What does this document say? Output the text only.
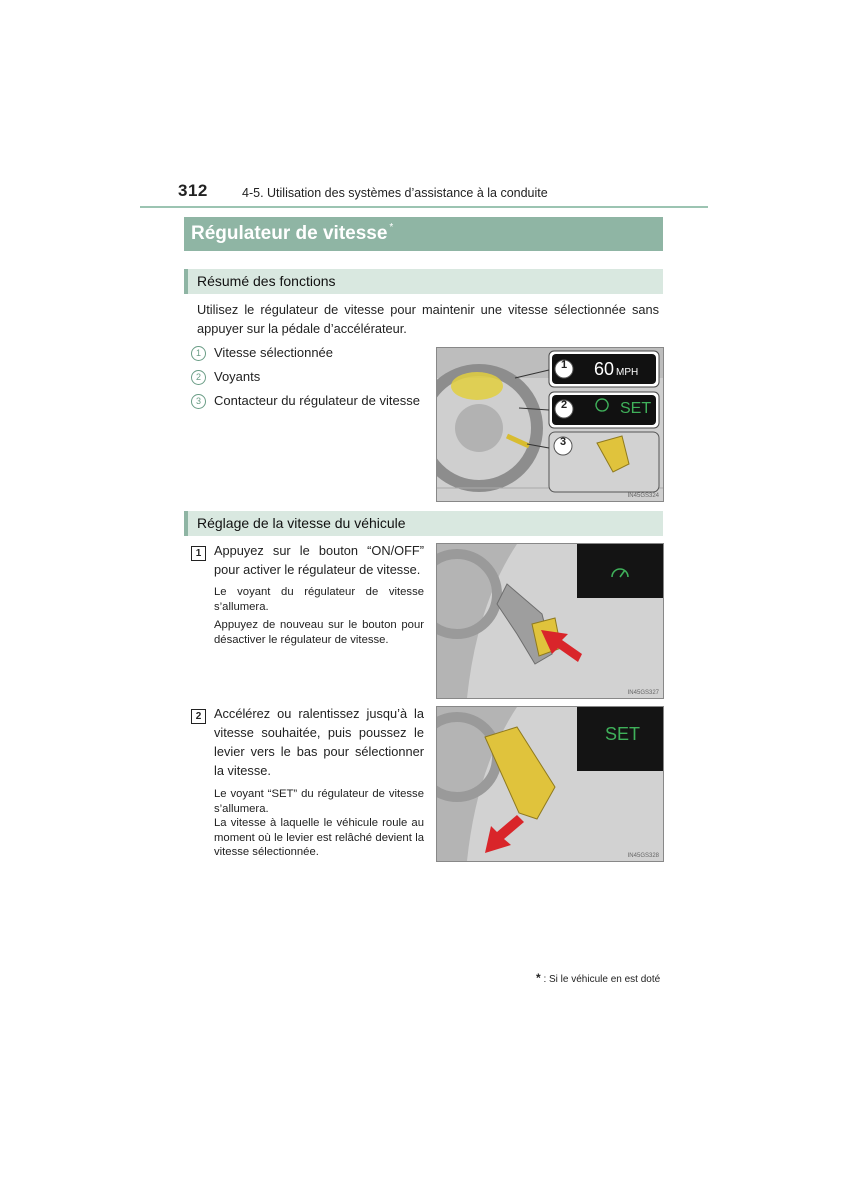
312	4-5. Utilisation des systèmes d’assistance à la conduite
Régulateur de vitesse *
Résumé des fonctions
Utilisez le régulateur de vitesse pour maintenir une vitesse sélectionnée sans appuyer sur la pédale d’accélérateur.
1 Vitesse sélectionnée
2 Voyants
3 Contacteur du régulateur de vitesse
1
2
3
60 MPH
SET
IN45GS324
Réglage de la vitesse du véhicule
1 Appuyez sur le bouton “ON/OFF” pour activer le régulateur de vitesse.
Le voyant du régulateur de vitesse s’allumera.
Appuyez de nouveau sur le bouton pour désactiver le régulateur de vitesse.
IN45GS327
2 Accélérez ou ralentissez jusqu’à la vitesse souhaitée, puis poussez le levier vers le bas pour sélectionner la vitesse.
Le voyant “SET” du régulateur de vitesse s’allumera.
La vitesse à laquelle le véhicule roule au moment où le levier est relâché devient la vitesse sélectionnée.
SET
IN45GS328
* : Si le véhicule en est doté
